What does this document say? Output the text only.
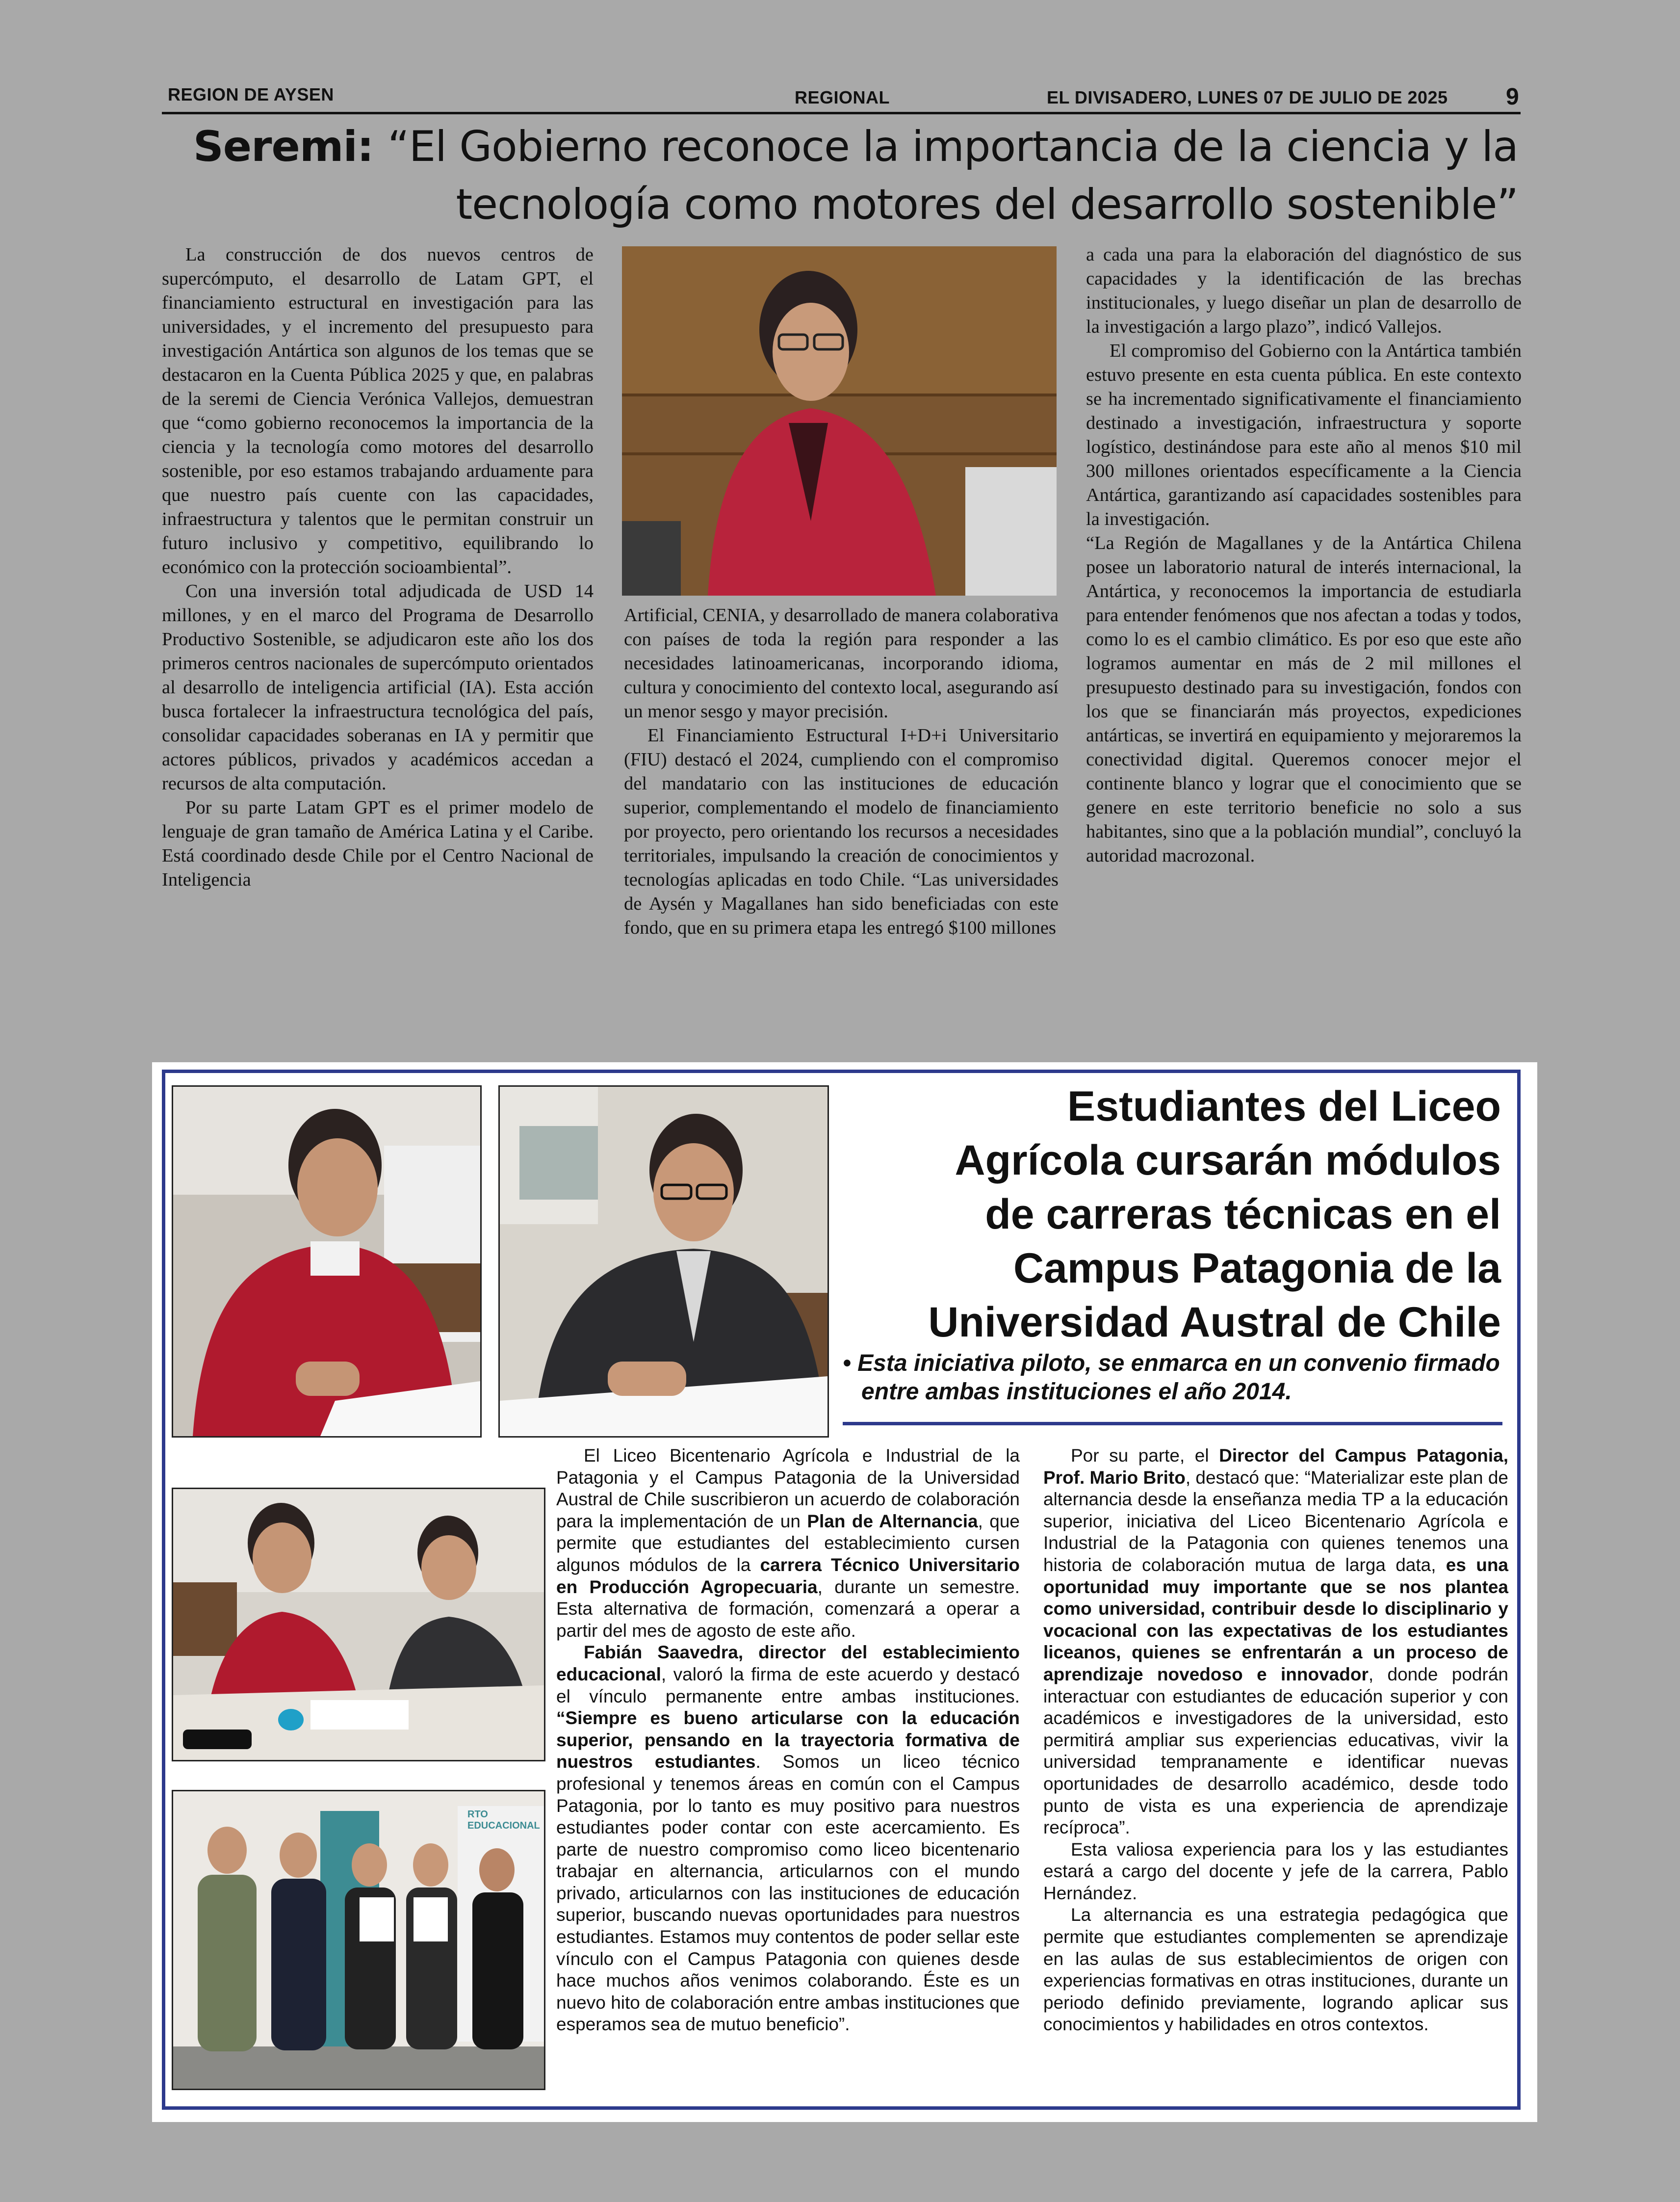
REGION DE AYSEN	REGIONAL	EL DIVISADERO, LUNES 07 DE JULIO DE 2025 9
Seremi: “El Gobierno reconoce la importancia de la ciencia y la
tecnología como motores del desarrollo sostenible”

La construcción de dos nuevos centros de supercómputo, el desarrollo de Latam GPT, el financiamiento estructural en investigación para las universidades, y el incremento del presupuesto para investigación Antártica son algunos de los temas que se destacaron en la Cuenta Pública 2025 y que, en palabras de la seremi de Ciencia Verónica Vallejos, demuestran que “como gobierno reconocemos la importancia de la ciencia y la tecnología como motores del desarrollo sostenible, por eso estamos trabajando arduamente para que nuestro país cuente con las capacidades, infraestructura y talentos que le permitan construir un futuro inclusivo y competitivo, equilibrando lo económico con la protección socioambiental”.

Con una inversión total adjudicada de USD 14 millones, y en el marco del Programa de Desarrollo Productivo Sostenible, se adjudicaron este año los dos primeros centros nacionales de supercómputo orientados al desarrollo de inteligencia artificial (IA). Esta acción busca fortalecer la infraestructura tecnológica del país, consolidar capacidades soberanas en IA y permitir que actores públicos, privados y académicos accedan a recursos de alta computación.

Por su parte Latam GPT es el primer modelo de lenguaje de gran tamaño de América Latina y el Caribe. Está coordinado desde Chile por el Centro Nacional de Inteligencia

Artificial, CENIA, y desarrollado de manera colaborativa con países de toda la región para responder a las necesidades latinoamericanas, incorporando idioma, cultura y conocimiento del contexto local, asegurando así un menor sesgo y mayor precisión.

El Financiamiento Estructural I+D+i Universitario (FIU) destacó el 2024, cumpliendo con el compromiso del mandatario con las instituciones de educación superior, complementando el modelo de financiamiento por proyecto, pero orientando los recursos a necesidades territoriales, impulsando la creación de conocimientos y tecnologías aplicadas en todo Chile. “Las universidades de Aysén y Magallanes han sido beneficiadas con este fondo, que en su primera etapa les entregó $100 millones

a cada una para la elaboración del diagnóstico de sus capacidades y la identificación de las brechas institucionales, y luego diseñar un plan de desarrollo de la investigación a largo plazo”, indicó Vallejos.

El compromiso del Gobierno con la Antártica también estuvo presente en esta cuenta pública. En este contexto se ha incrementado significativamente el financiamiento destinado a investigación, infraestructura y soporte logístico, destinándose para este año al menos $10 mil 300 millones orientados específicamente a la Ciencia Antártica, garantizando así capacidades sostenibles para la investigación.

“La Región de Magallanes y de la Antártica Chilena posee un laboratorio natural de interés internacional, la Antártica, y reconocemos la importancia de estudiarla para entender fenómenos que nos afectan a todas y todos, como lo es el cambio climático. Es por eso que este año logramos aumentar en más de 2 mil millones el presupuesto destinado para su investigación, fondos con los que se financiarán más proyectos, expediciones antárticas, se invertirá en equipamiento y mejoraremos la conectividad digital. Queremos conocer mejor el continente blanco y lograr que el conocimiento que se genere en este territorio beneficie no solo a sus habitantes, sino que a la población mundial”, concluyó la autoridad macrozonal.

RTO EDUCACIONAL
Estudiantes del Liceo
Agrícola cursarán módulos
de carreras técnicas en el
Campus Patagonia de la
Universidad Austral de Chile
• Esta iniciativa piloto, se enmarca en un convenio firmado
entre ambas instituciones el año 2014.

El Liceo Bicentenario Agrícola e Industrial de la Patagonia y el Campus Patagonia de la Universidad Austral de Chile suscribieron un acuerdo de colaboración para la implementación de un Plan de Alternancia, que permite que estudiantes del establecimiento cursen algunos módulos de la carrera Técnico Universitario en Producción Agropecuaria, durante un semestre. Esta alternativa de formación, comenzará a operar a partir del mes de agosto de este año.

Fabián Saavedra, director del establecimiento educacional, valoró la firma de este acuerdo y destacó el vínculo permanente entre ambas instituciones. “Siempre es bueno articularse con la educación superior, pensando en la trayectoria formativa de nuestros estudiantes. Somos un liceo técnico profesional y tenemos áreas en común con el Campus Patagonia, por lo tanto es muy positivo para nuestros estudiantes poder contar con este acercamiento. Es parte de nuestro compromiso como liceo bicentenario trabajar en alternancia, articularnos con el mundo privado, articularnos con las instituciones de educación superior, buscando nuevas oportunidades para nuestros estudiantes. Estamos muy contentos de poder sellar este vínculo con el Campus Patagonia con quienes desde hace muchos años venimos colaborando. Éste es un nuevo hito de colaboración entre ambas instituciones que esperamos sea de mutuo beneficio”.

Por su parte, el Director del Campus Patagonia, Prof. Mario Brito, destacó que: “Materializar este plan de alternancia desde la enseñanza media TP a la educación superior, iniciativa del Liceo Bicentenario Agrícola e Industrial de la Patagonia con quienes tenemos una historia de colaboración mutua de larga data, es una oportunidad muy importante que se nos plantea como universidad, contribuir desde lo disciplinario y vocacional con las expectativas de los estudiantes liceanos, quienes se enfrentarán a un proceso de aprendizaje novedoso e innovador, donde podrán interactuar con estudiantes de educación superior y con académicos e investigadores de la universidad, esto permitirá ampliar sus experiencias educativas, vivir la universidad tempranamente e identificar nuevas oportunidades de desarrollo académico, desde todo punto de vista es una experiencia de aprendizaje recíproca”.

Esta valiosa experiencia para los y las estudiantes estará a cargo del docente y jefe de la carrera, Pablo Hernández.

La alternancia es una estrategia pedagógica que permite que estudiantes complementen se aprendizaje en las aulas de sus establecimientos de origen con experiencias formativas en otras instituciones, durante un periodo definido previamente, logrando aplicar sus conocimientos y habilidades en otros contextos.
